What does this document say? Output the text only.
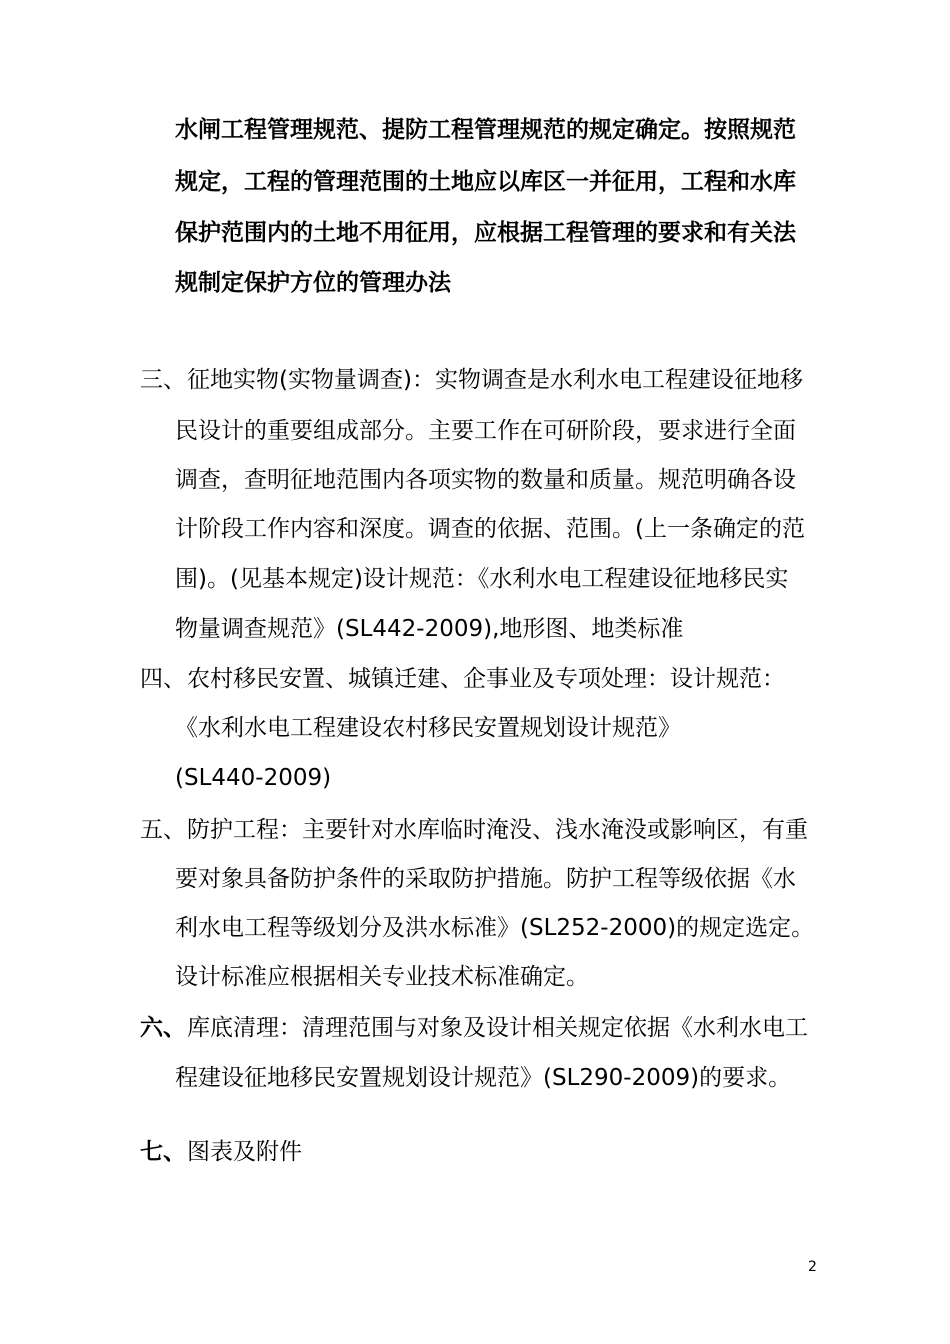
水闸工程管理规范、提防工程管理规范的规定确定。按照规范
规定，工程的管理范围的土地应以库区一并征用，工程和水库
保护范围内的土地不用征用，应根据工程管理的要求和有关法
规制定保护方位的管理办法
三、 征地实物(实物量调查)：实物调查是水利水电工程建设征地移
民设计的重要组成部分。主要工作在可研阶段，要求进行全面
调查，查明征地范围内各项实物的数量和质量。规范明确各设
计阶段工作内容和深度。调查的依据、范围。(上一条确定的范
围)。(见基本规定)设计规范：《水利水电工程建设征地移民实
物量调查规范》(SL442-2009),地形图、地类标准
四、 农村移民安置、城镇迁建、企事业及专项处理：设计规范：
《水利水电工程建设农村移民安置规划设计规范》
(SL440-2009)
五、 防护工程：主要针对水库临时淹没、浅水淹没或影响区，有重
要对象具备防护条件的采取防护措施。防护工程等级依据《水
利水电工程等级划分及洪水标准》(SL252-2000)的规定选定。
设计标准应根据相关专业技术标准确定。
六、 库底清理：清理范围与对象及设计相关规定依据《水利水电工
程建设征地移民安置规划设计规范》(SL290-2009)的要求。
七、 图表及附件
2
